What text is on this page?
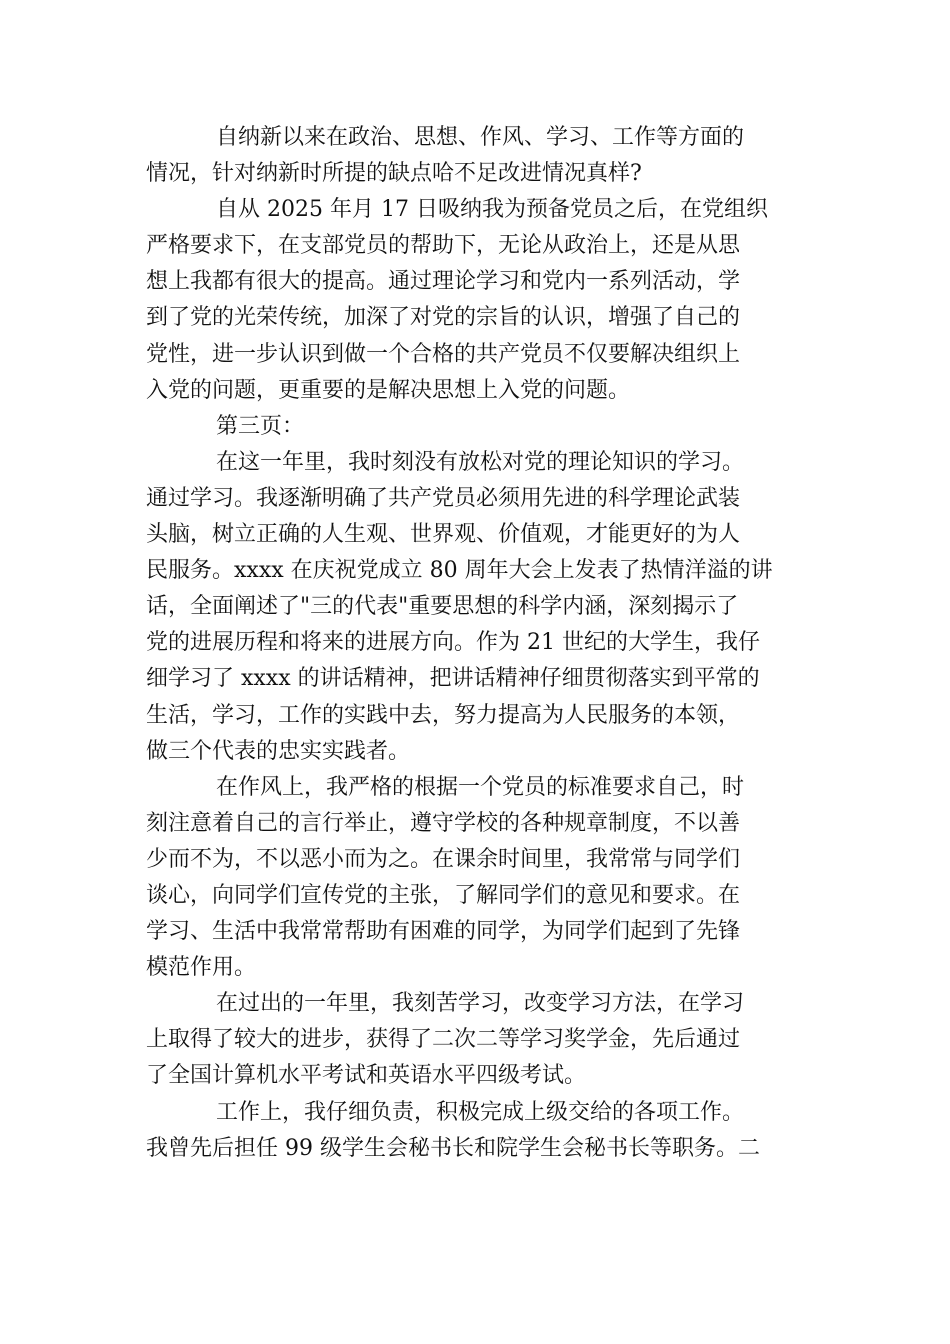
自纳新以来在政治、思想、作风、学习、工作等方面的
情况，针对纳新时所提的缺点哈不足改进情况真样?
自从 2025 年月 17 日吸纳我为预备党员之后，在党组织
严格要求下，在支部党员的帮助下，无论从政治上，还是从思
想上我都有很大的提高。通过理论学习和党内一系列活动，学
到了党的光荣传统，加深了对党的宗旨的认识，增强了自己的
党性，进一步认识到做一个合格的共产党员不仅要解决组织上
入党的问题，更重要的是解决思想上入党的问题。
第三页：
在这一年里，我时刻没有放松对党的理论知识的学习。
通过学习。我逐渐明确了共产党员必须用先进的科学理论武装
头脑，树立正确的人生观、世界观、价值观，才能更好的为人
民服务。xxxx 在庆祝党成立 80 周年大会上发表了热情洋溢的讲
话，全面阐述了"三的代表"重要思想的科学内涵，深刻揭示了
党的进展历程和将来的进展方向。作为 21 世纪的大学生，我仔
细学习了 xxxx 的讲话精神，把讲话精神仔细贯彻落实到平常的
生活，学习，工作的实践中去，努力提高为人民服务的本领，
做三个代表的忠实实践者。
在作风上，我严格的根据一个党员的标准要求自己，时
刻注意着自己的言行举止，遵守学校的各种规章制度，不以善
少而不为，不以恶小而为之。在课余时间里，我常常与同学们
谈心，向同学们宣传党的主张，了解同学们的意见和要求。在
学习、生活中我常常帮助有困难的同学，为同学们起到了先锋
模范作用。
在过出的一年里，我刻苦学习，改变学习方法，在学习
上取得了较大的进步，获得了二次二等学习奖学金，先后通过
了全国计算机水平考试和英语水平四级考试。
工作上，我仔细负责，积极完成上级交给的各项工作。
我曾先后担任 99 级学生会秘书长和院学生会秘书长等职务。二
